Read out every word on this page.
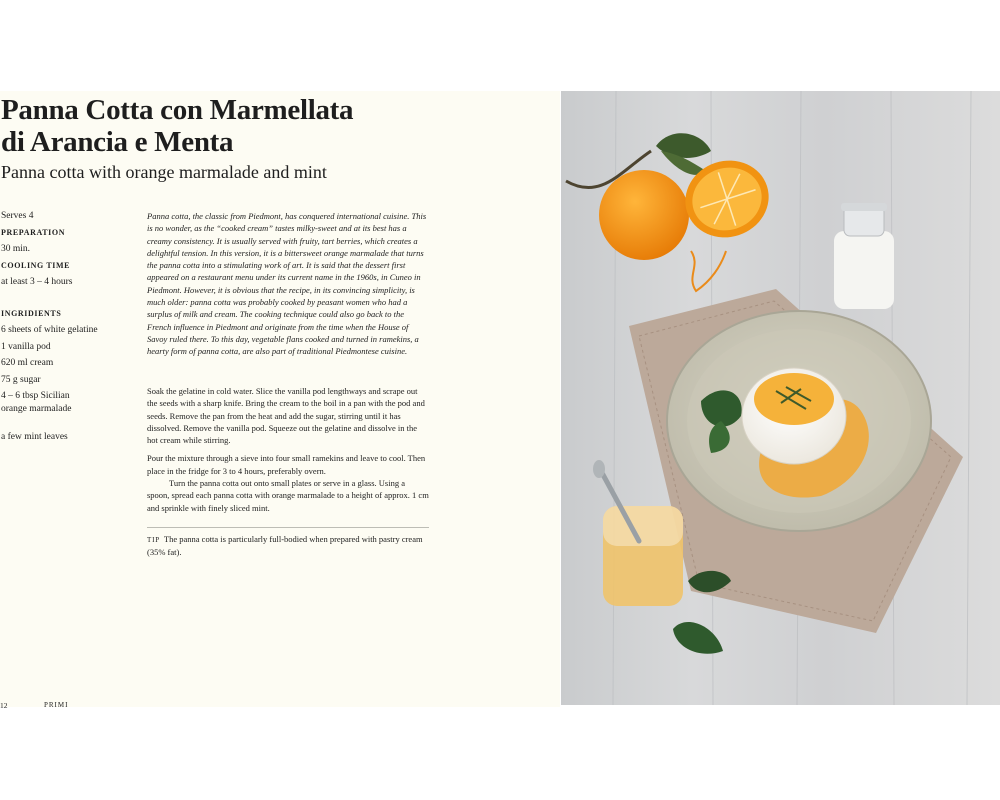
Panna Cotta con Marmellata
di Arancia e Menta
Panna cotta with orange marmalade and mint
Serves 4
PREPARATION
30 min.
COOLING TIME
at least 3 – 4 hours
INGRIDIENTS
6 sheets of white gelatine
1 vanilla pod
620 ml cream
75 g sugar
4 – 6 tbsp Sicilian
orange marmalade
a few mint leaves
Panna cotta, the classic from Piedmont, has conquered international cuisine. This is no wonder, as the “cooked cream” tastes milky-sweet and at its best has a creamy consistency. It is usually served with fruity, tart berries, which creates a delightful tension. In this version, it is a bittersweet orange marmalade that turns the panna cotta into a stimulating work of art. It is said that the dessert first appeared on a restaurant menu under its current name in the 1960s, in Cuneo in Piedmont. However, it is obvious that the recipe, in its convincing simplicity, is much older: panna cotta was probably cooked by peasant women who had a surplus of milk and cream. The cooking technique could also go back to the French influence in Piedmont and originate from the time when the House of Savoy ruled there. To this day, vegetable flans cooked and turned in ramekins, a hearty form of panna cotta, are also part of traditional Piedmontese cuisine.

Soak the gelatine in cold water. Slice the vanilla pod lengthways and scrape out the seeds with a sharp knife. Bring the cream to the boil in a pan with the pod and seeds. Remove the pan from the heat and add the sugar, stirring until it has dissolved. Remove the vanilla pod. Squeeze out the gelatine and dissolve in the hot cream while stirring.

Pour the mixture through a sieve into four small ramekins and leave to cool. Then place in the fridge for 3 to 4 hours, preferably overn.

Turn the panna cotta out onto small plates or serve in a glass. Using a spoon, spread each panna cotta with orange marmalade to a height of approx. 1 cm and sprinkle with finely sliced mint.

TIP The panna cotta is particularly full-bodied when prepared with pastry cream (35% fat).
12	PRIMI
